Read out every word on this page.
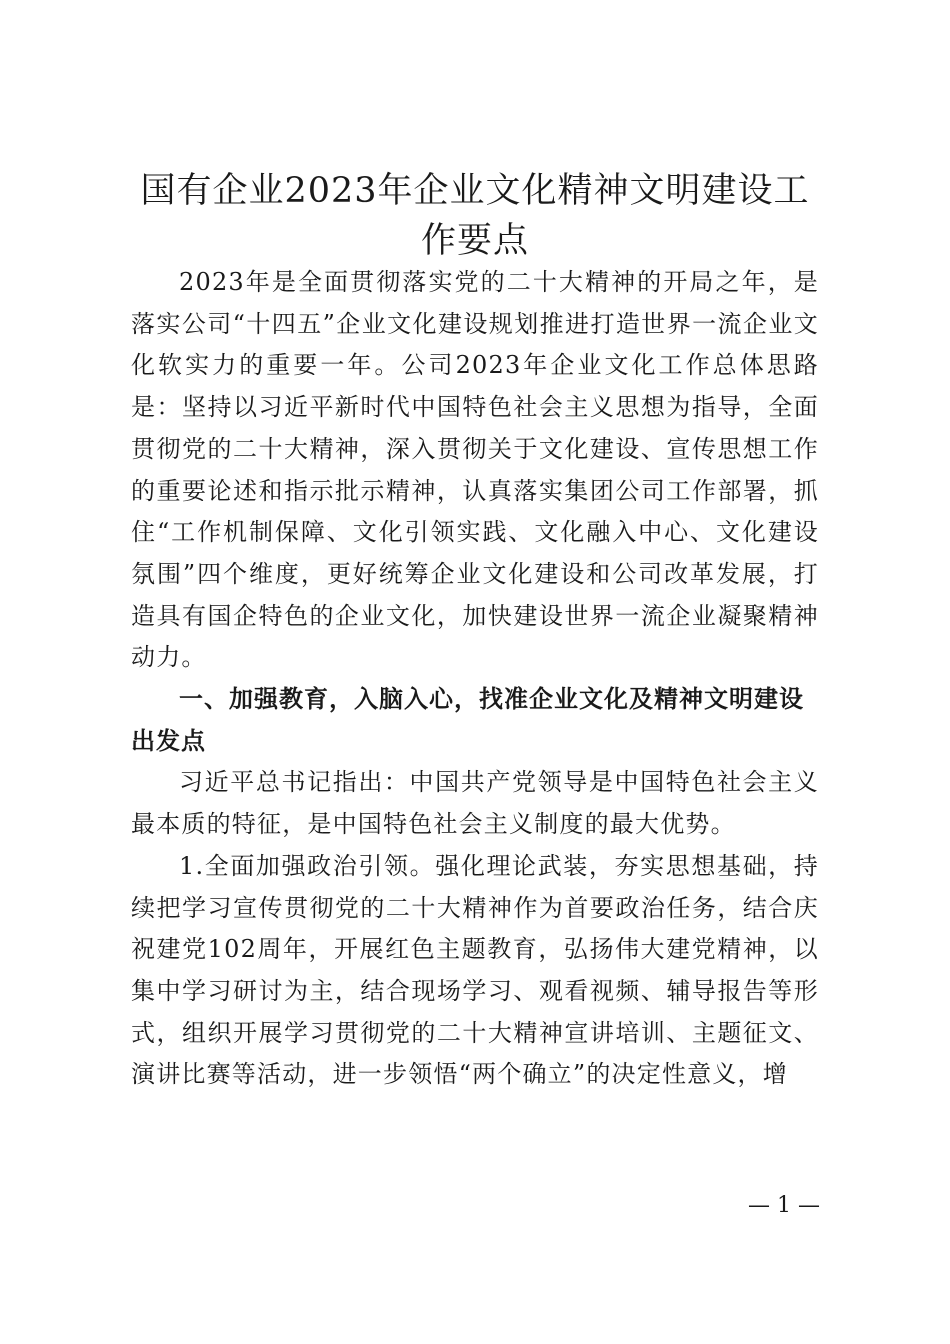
国有企业2023年企业文化精神文明建设工作要点

2023年是全面贯彻落实党的二十大精神的开局之年，是落实公司“十四五”企业文化建设规划推进打造世界一流企业文化软实力的重要一年。公司2023年企业文化工作总体思路是：坚持以习近平新时代中国特色社会主义思想为指导，全面贯彻党的二十大精神，深入贯彻关于文化建设、宣传思想工作的重要论述和指示批示精神，认真落实集团公司工作部署，抓住“工作机制保障、文化引领实践、文化融入中心、文化建设氛围”四个维度，更好统筹企业文化建设和公司改革发展，打造具有国企特色的企业文化，加快建设世界一流企业凝聚精神动力。

一、加强教育，入脑入心，找准企业文化及精神文明建设出发点

习近平总书记指出：中国共产党领导是中国特色社会主义最本质的特征，是中国特色社会主义制度的最大优势。

1.全面加强政治引领。强化理论武装，夯实思想基础，持续把学习宣传贯彻党的二十大精神作为首要政治任务，结合庆祝建党102周年，开展红色主题教育，弘扬伟大建党精神，以集中学习研讨为主，结合现场学习、观看视频、辅导报告等形式，组织开展学习贯彻党的二十大精神宣讲培训、主题征文、演讲比赛等活动，进一步领悟“两个确立”的决定性意义，增

— 1 —
